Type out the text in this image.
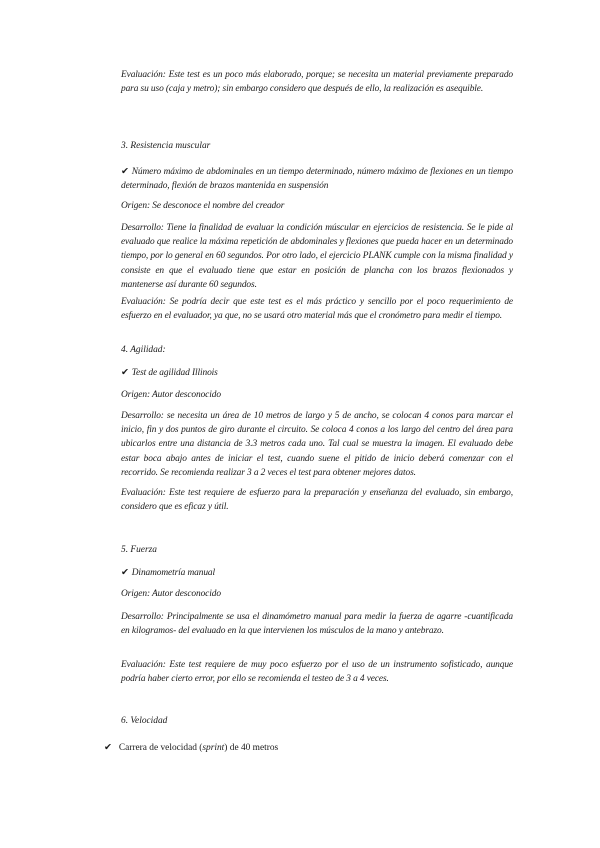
Evaluación: Este test es un poco más elaborado, porque; se necesita un material previamente preparado para su uso (caja y metro); sin embargo considero que después de ello, la realización es asequible.

3. Resistencia muscular

✔ Número máximo de abdominales en un tiempo determinado, número máximo de flexiones en un tiempo determinado, flexión de brazos mantenida en suspensión

Origen: Se desconoce el nombre del creador

Desarrollo: Tiene la finalidad de evaluar la condición múscular en ejercicios de resistencia. Se le pide al evaluado que realice la máxima repetición de abdominales y flexiones que pueda hacer en un determinado tiempo, por lo general en 60 segundos. Por otro lado, el ejercicio PLANK cumple con la misma finalidad y consiste en que el evaluado tiene que estar en posición de plancha con los brazos flexionados y mantenerse así durante 60 segundos.

Evaluación: Se podría decir que este test es el más práctico y sencillo por el poco requerimiento de esfuerzo en el evaluador, ya que, no se usará otro material más que el cronómetro para medir el tiempo.

4. Agilidad:

✔ Test de agilidad Illinois

Origen: Autor desconocido

Desarrollo: se necesita un área de 10 metros de largo y 5 de ancho, se colocan 4 conos para marcar el inicio, fin y dos puntos de giro durante el circuito. Se coloca 4 conos a los largo del centro del área para ubicarlos entre una distancia de 3.3 metros cada uno. Tal cual se muestra la imagen. El evaluado debe estar boca abajo antes de iniciar el test, cuando suene el pitido de inicio deberá comenzar con el recorrido. Se recomienda realizar 3 a 2 veces el test para obtener mejores datos.

Evaluación: Este test requiere de esfuerzo para la preparación y enseñanza del evaluado, sin embargo, considero que es eficaz y útil.

5. Fuerza

✔ Dinamometría manual

Origen: Autor desconocido

Desarrollo: Principalmente se usa el dinamómetro manual para medir la fuerza de agarre -cuantificada en kilogramos- del evaluado en la que intervienen los músculos de la mano y antebrazo.

Evaluación: Este test requiere de muy poco esfuerzo por el uso de un instrumento sofisticado, aunque podría haber cierto error, por ello se recomienda el testeo de 3 a 4 veces.

6. Velocidad

✔ Carrera de velocidad (sprint) de 40 metros
